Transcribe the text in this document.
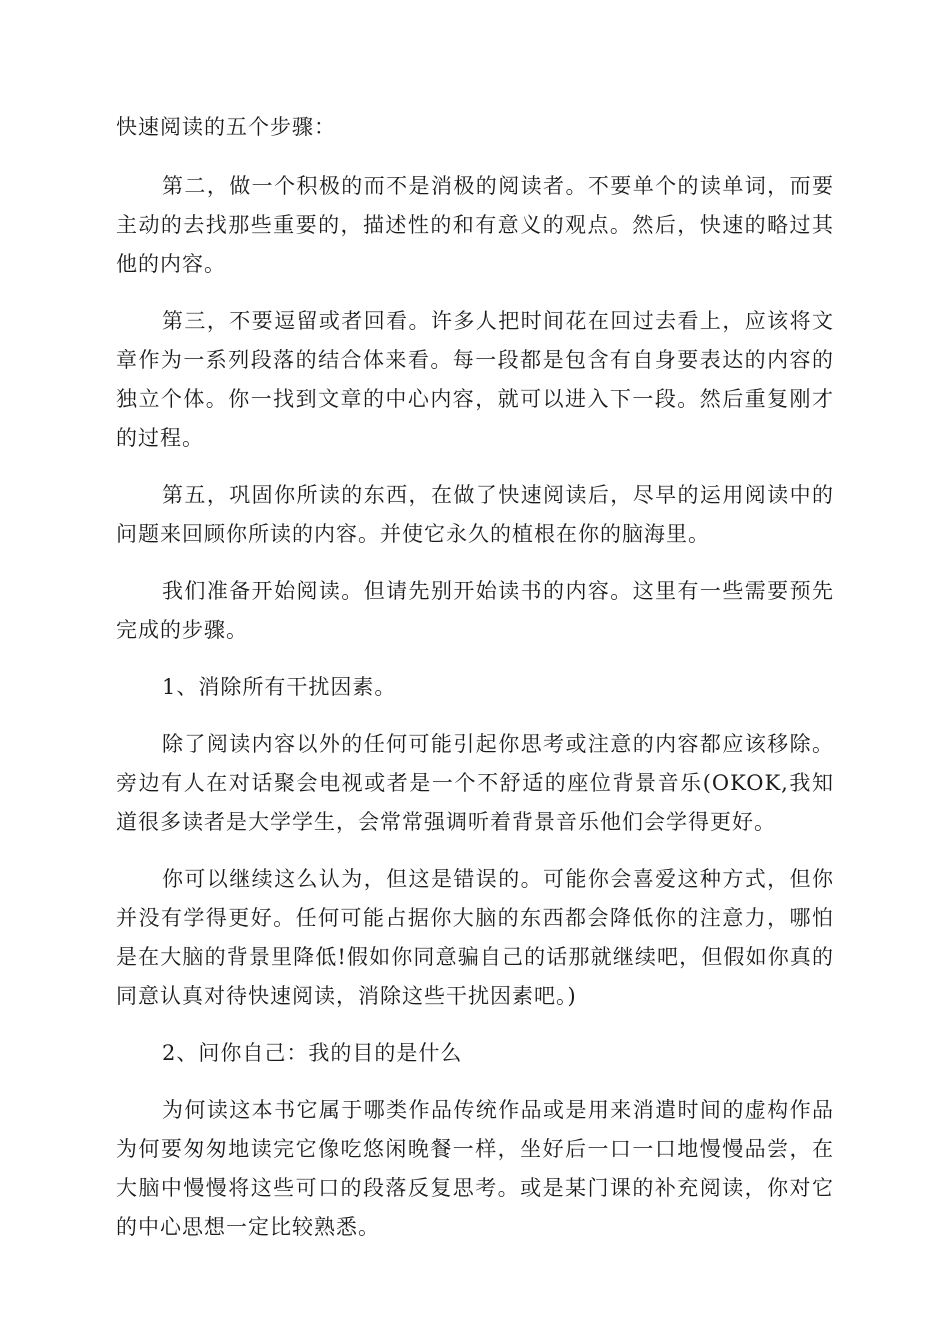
快速阅读的五个步骤：

第二，做一个积极的而不是消极的阅读者。不要单个的读单词，而要主动的去找那些重要的，描述性的和有意义的观点。然后，快速的略过其他的内容。

第三，不要逗留或者回看。许多人把时间花在回过去看上，应该将文章作为一系列段落的结合体来看。每一段都是包含有自身要表达的内容的独立个体。你一找到文章的中心内容，就可以进入下一段。然后重复刚才的过程。

第五，巩固你所读的东西，在做了快速阅读后，尽早的运用阅读中的问题来回顾你所读的内容。并使它永久的植根在你的脑海里。

我们准备开始阅读。但请先别开始读书的内容。这里有一些需要预先完成的步骤。

1、消除所有干扰因素。

除了阅读内容以外的任何可能引起你思考或注意的内容都应该移除。旁边有人在对话聚会电视或者是一个不舒适的座位背景音乐(OKOK,我知道很多读者是大学学生，会常常强调听着背景音乐他们会学得更好。

你可以继续这么认为，但这是错误的。可能你会喜爱这种方式，但你并没有学得更好。任何可能占据你大脑的东西都会降低你的注意力，哪怕是在大脑的背景里降低!假如你同意骗自己的话那就继续吧，但假如你真的同意认真对待快速阅读，消除这些干扰因素吧。)

2、问你自己：我的目的是什么

为何读这本书它属于哪类作品传统作品或是用来消遣时间的虚构作品为何要匆匆地读完它像吃悠闲晚餐一样，坐好后一口一口地慢慢品尝，在大脑中慢慢将这些可口的段落反复思考。或是某门课的补充阅读，你对它的中心思想一定比较熟悉。
